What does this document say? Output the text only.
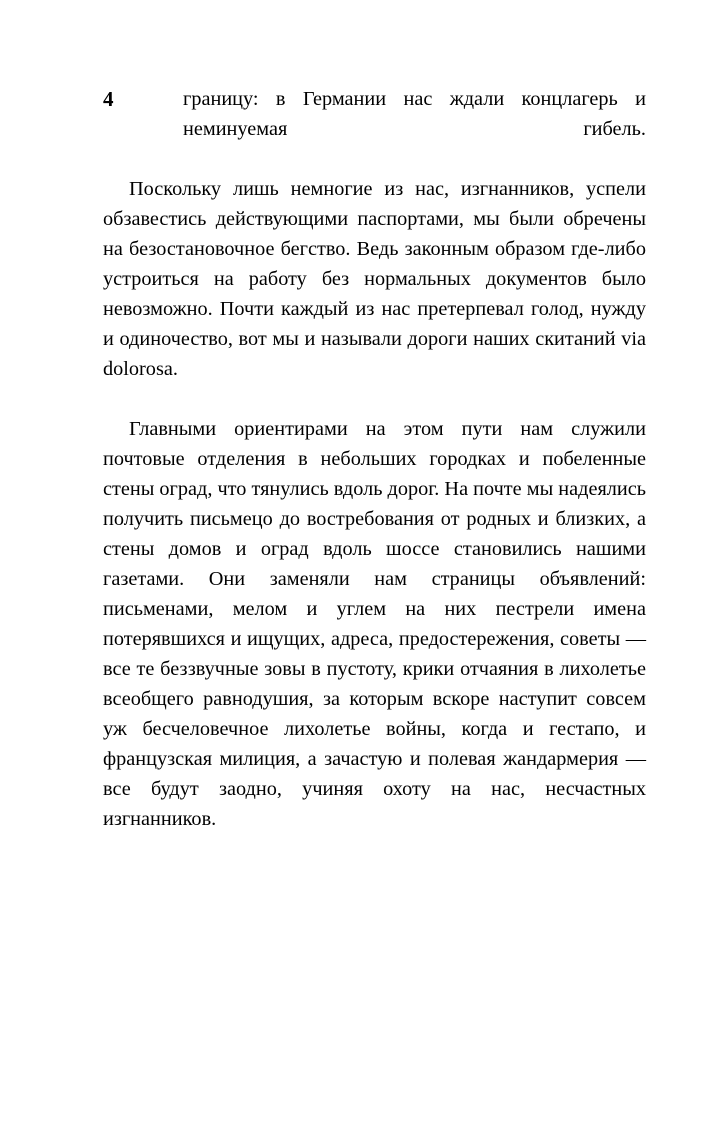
4	границу: в Германии нас ждали концлагерь и неминуемая гибель.

Поскольку лишь немногие из нас, изгнанников, успели обзавестись действующими паспортами, мы были обречены на безостановочное бегство. Ведь законным образом где-либо устроиться на работу без нормальных документов было невозможно. Почти каждый из нас претерпевал голод, нужду и одиночество, вот мы и называли дороги наших скитаний via dolorosa.

Главными ориентирами на этом пути нам служили почтовые отделения в небольших городках и побеленные стены оград, что тянулись вдоль дорог. На почте мы надеялись получить письмецо до востребования от родных и близких, а стены домов и оград вдоль шоссе становились нашими газетами. Они заменяли нам страницы объявлений: письменами, мелом и углем на них пестрели имена потерявшихся и ищущих, адреса, предостережения, советы — все те беззвучные зовы в пустоту, крики отчаяния в лихолетье всеобщего равнодушия, за которым вскоре наступит совсем уж бесчеловечное лихолетье войны, когда и гестапо, и французская милиция, а зачастую и полевая жандармерия — все будут заодно, учиняя охоту на нас, несчастных изгнанников.
